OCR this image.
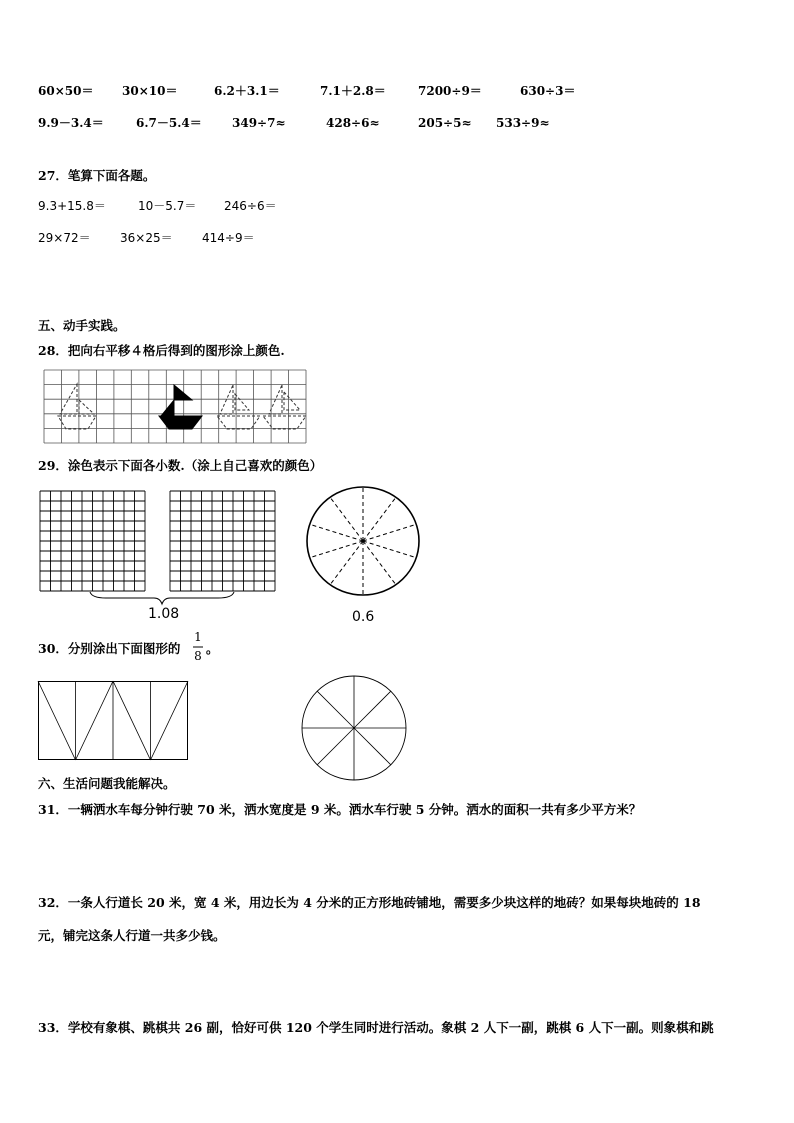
60×50＝ 30×10＝	6.2＋3.1＝	7.1＋2.8＝	7200÷9＝	630÷3＝
9.9－3.4＝	6.7－5.4＝	349÷7≈	428÷6≈	205÷5≈ 533÷9≈
27．笔算下面各题。
9.3+15.8＝	10－5.7＝ 246÷6＝
29×72＝ 36×25＝ 414÷9＝
五、动手实践。
28．把向右平移４格后得到的图形涂上颜色.
29．涂色表示下面各小数.（涂上自己喜欢的颜色）
1.08	0.6
30．分别涂出下面图形的
1
8 。
六、生活问题我能解决。
31．一辆洒水车每分钟行驶 70 米，洒水宽度是 9 米。洒水车行驶 5 分钟。洒水的面积一共有多少平方米？
32．一条人行道长 20 米，宽 4 米，用边长为 4 分米的正方形地砖铺地，需要多少块这样的地砖？如果每块地砖的 18
元，铺完这条人行道一共多少钱。
33．学校有象棋、跳棋共 26 副，恰好可供 120 个学生同时进行活动。象棋 2 人下一副，跳棋 6 人下一副。则象棋和跳
